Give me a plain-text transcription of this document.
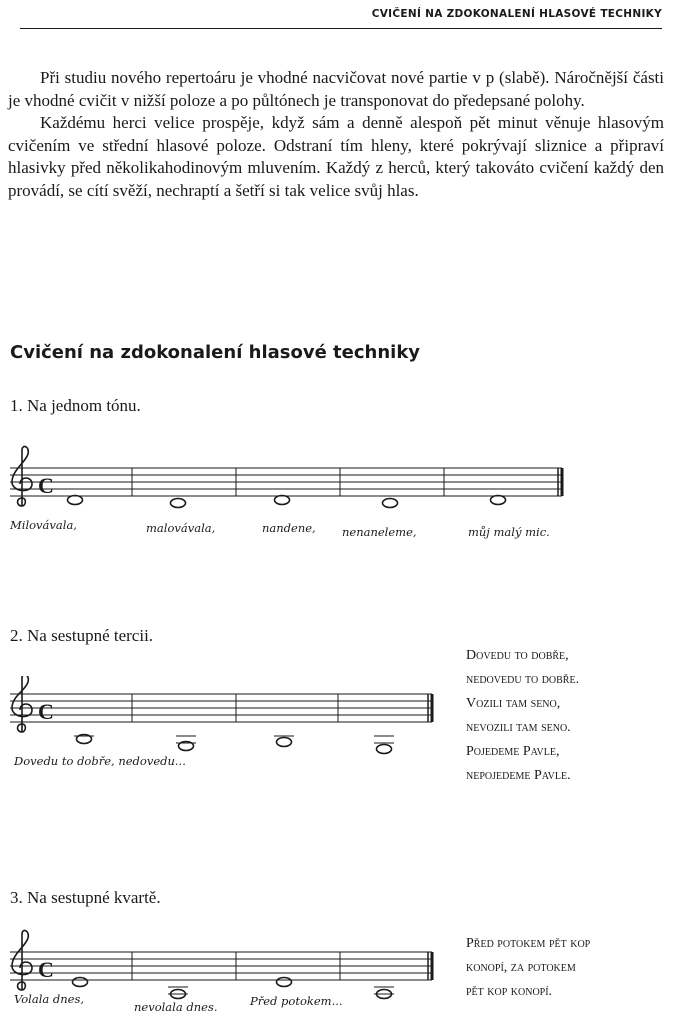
CVIČENÍ NA ZDOKONALENÍ HLASOVÉ TECHNIKY

Při studiu nového repertoáru je vhodné nacvičovat nové partie v p (slabě). Náročnější části je vhodné cvičit v nižší poloze a po půltónech je transponovat do předepsané polohy.

Každému herci velice prospěje, když sám a denně alespoň pět minut věnuje hlasovým cvičením ve střední hlasové poloze. Odstraní tím hleny, které pokrývají sliznice a připraví hlasivky před několikahodinovým mluvením. Každý z herců, který takováto cvičení každý den provádí, se cítí svěží, nechraptí a šetří si tak velice svůj hlas.

Cvičení na zdokonalení hlasové techniky
1. Na jednom tónu.
C
Milovávala,	malovávala,	nandene, nenaneleme,	můj malý mic.
2. Na sestupné tercii.
C
Dovedu to dobře, nedovedu...
Dovedu to dobře,
nedovedu to dobře.
Vozili tam seno,
nevozili tam seno.
Pojedeme Pavle,
nepojedeme Pavle.
3. Na sestupné kvartě.
C
Volala dnes,
nevolala dnes.	Před potokem...
Před potokem pět kop
konopí, za potokem
pět kop konopí.
